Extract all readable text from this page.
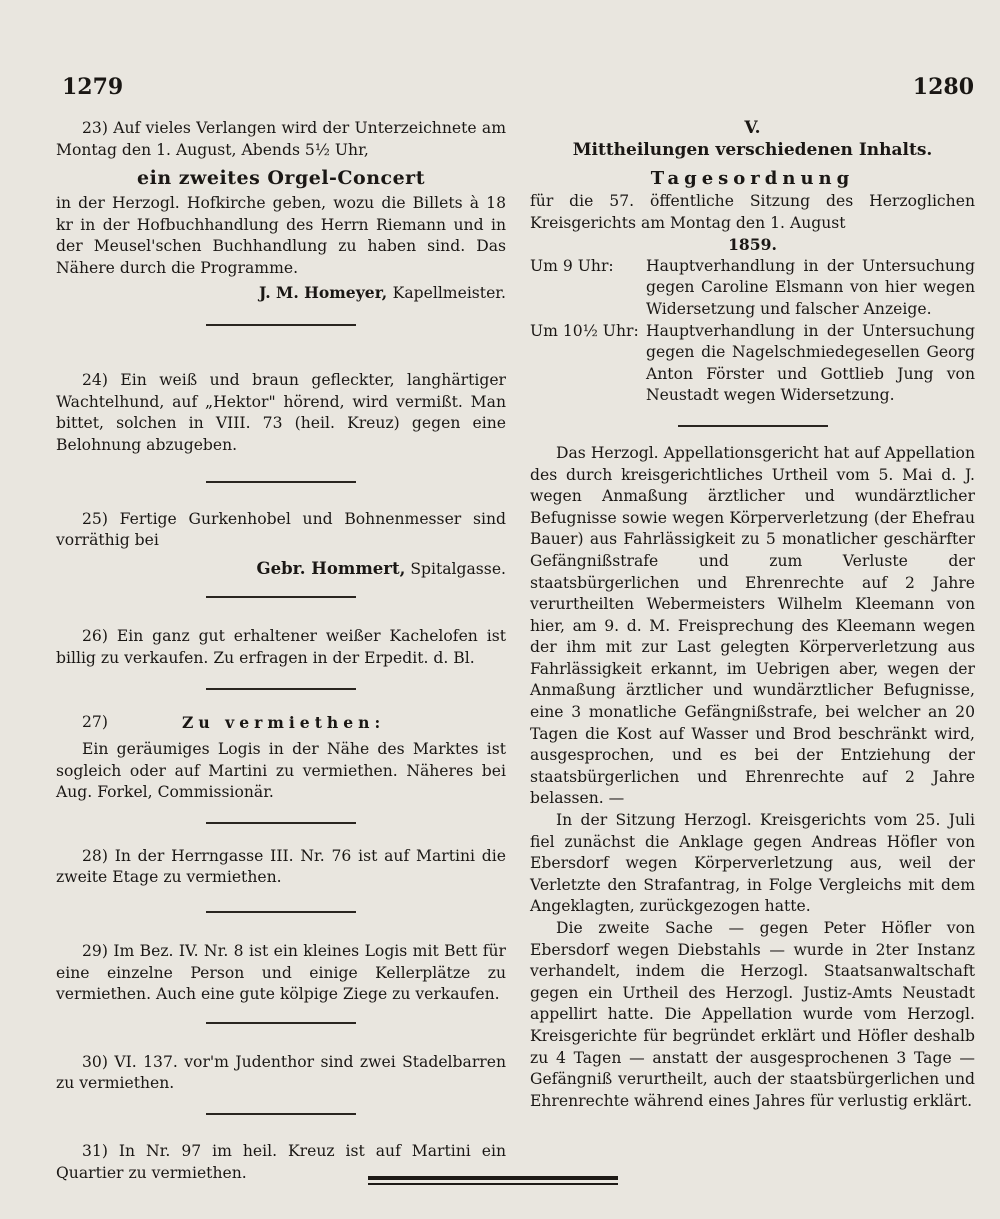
1279	1280

23) Auf vieles Verlangen wird der Unterzeichnete am Montag den 1. August, Abends 5½ Uhr,

ein zweites Orgel-Concert

in der Herzogl. Hofkirche geben, wozu die Billets à 18 kr in der Hofbuchhandlung des Herrn Riemann und in der Meusel'schen Buchhandlung zu haben sind. Das Nähere durch die Programme.

J. M. Homeyer, Kapellmeister.

24) Ein weiß und braun gefleckter, langhärtiger Wachtelhund, auf „Hektor" hörend, wird vermißt. Man bittet, solchen in VIII. 73 (heil. Kreuz) gegen eine Belohnung abzugeben.

25) Fertige Gurkenhobel und Bohnenmesser sind vorräthig bei

Gebr. Hommert, Spitalgasse.

26) Ein ganz gut erhaltener weißer Kachelofen ist billig zu verkaufen. Zu erfragen in der Erpedit. d. Bl.

27)	Zu vermiethen:

Ein geräumiges Logis in der Nähe des Marktes ist sogleich oder auf Martini zu vermiethen. Näheres bei Aug. Forkel, Commissionär.

28) In der Herrngasse III. Nr. 76 ist auf Martini die zweite Etage zu vermiethen.

29) Im Bez. IV. Nr. 8 ist ein kleines Logis mit Bett für eine einzelne Person und einige Kellerplätze zu vermiethen. Auch eine gute kölpige Ziege zu verkaufen.

30) VI. 137. vor'm Judenthor sind zwei Stadelbarren zu vermiethen.

31) In Nr. 97 im heil. Kreuz ist auf Martini ein Quartier zu vermiethen.

V.
Mittheilungen verschiedenen Inhalts.
Tagesordnung

für die 57. öffentliche Sitzung des Herzoglichen Kreisgerichts am Montag den 1. August

1859.

Um 9 Uhr:	Hauptverhandlung in der Untersuchung gegen Caroline Elsmann von hier wegen Widersetzung und falscher Anzeige.

Um 10½ Uhr: Hauptverhandlung in der Untersuchung gegen die Nagelschmiedegesellen Georg Anton Förster und Gottlieb Jung von Neustadt wegen Widersetzung.

Das Herzogl. Appellationsgericht hat auf Appellation des durch kreisgerichtliches Urtheil vom 5. Mai d. J. wegen Anmaßung ärztlicher und wundärztlicher Befugnisse sowie wegen Körperverletzung (der Ehefrau Bauer) aus Fahrlässigkeit zu 5 monatlicher geschärfter Gefängnißstrafe und zum Verluste der staatsbürgerlichen und Ehrenrechte auf 2 Jahre verurtheilten Webermeisters Wilhelm Kleemann von hier, am 9. d. M. Freisprechung des Kleemann wegen der ihm mit zur Last gelegten Körperverletzung aus Fahrlässigkeit erkannt, im Uebrigen aber, wegen der Anmaßung ärztlicher und wundärztlicher Befugnisse, eine 3 monatliche Gefängnißstrafe, bei welcher an 20 Tagen die Kost auf Wasser und Brod beschränkt wird, ausgesprochen, und es bei der Entziehung der staatsbürgerlichen und Ehrenrechte auf 2 Jahre belassen. —

In der Sitzung Herzogl. Kreisgerichts vom 25. Juli fiel zunächst die Anklage gegen Andreas Höfler von Ebersdorf wegen Körperverletzung aus, weil der Verletzte den Strafantrag, in Folge Vergleichs mit dem Angeklagten, zurückgezogen hatte.

Die zweite Sache — gegen Peter Höfler von Ebersdorf wegen Diebstahls — wurde in 2ter Instanz verhandelt, indem die Herzogl. Staatsanwaltschaft gegen ein Urtheil des Herzogl. Justiz-Amts Neustadt appellirt hatte. Die Appellation wurde vom Herzogl. Kreisgerichte für begründet erklärt und Höfler deshalb zu 4 Tagen — anstatt der ausgesprochenen 3 Tage — Gefängniß verurtheilt, auch der staatsbürgerlichen und Ehrenrechte während eines Jahres für verlustig erklärt.
